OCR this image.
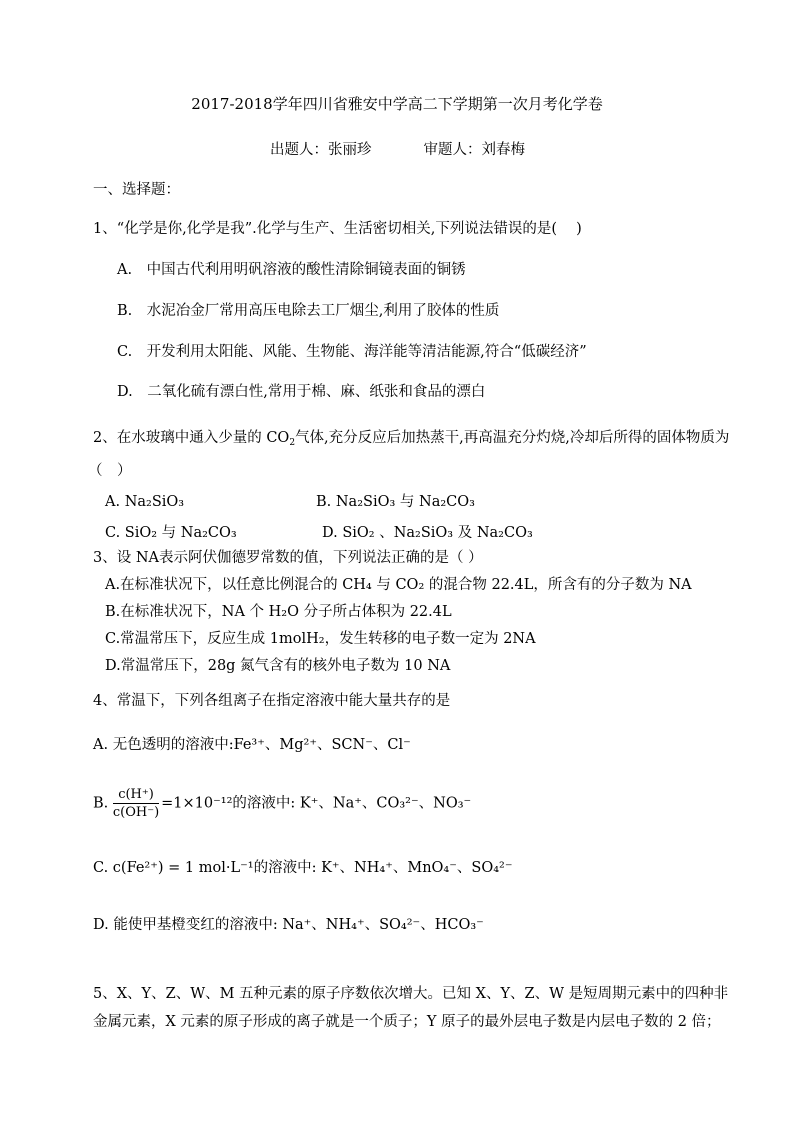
2017-2018学年四川省雅安中学高二下学期第一次月考化学卷
出题人：张丽珍	审题人：刘春梅
一、选择题：
1、“化学是你,化学是我”.化学与生产、生活密切相关,下列说法错误的是(　 )
A.　中国古代利用明矾溶液的酸性清除铜镜表面的铜锈
B.　水泥冶金厂常用高压电除去工厂烟尘,利用了胶体的性质
C.　开发利用太阳能、风能、生物能、海洋能等清洁能源,符合“低碳经济”
D.　二氧化硫有漂白性,常用于棉、麻、纸张和食品的漂白
2、在水玻璃中通入少量的 $CO_2$气体,充分反应后加热蒸干,再高温充分灼烧,冷却后所得的固体物质为
（　）
A. Na₂SiO₃	B. Na₂SiO₃ 与 Na₂CO₃
C. SiO₂ 与 Na₂CO₃	D. SiO₂ 、Na₂SiO₃ 及 Na₂CO₃
3、设 NA表示阿伏伽德罗常数的值，下列说法正确的是（ ）
A.在标准状况下，以任意比例混合的 CH₄ 与 CO₂ 的混合物 22.4L，所含有的分子数为 NA
B.在标准状况下，NA 个 H₂O 分子所占体积为 22.4L
C.常温常压下，反应生成 1molH₂，发生转移的电子数一定为 2NA
D.常温常压下，28g 氮气含有的核外电子数为 10 NA
4、常温下，下列各组离子在指定溶液中能大量共存的是
A. 无色透明的溶液中:Fe³⁺、Mg²⁺、SCN⁻、Cl⁻
B. $\frac{c(H^+)}{c(OH^-)} =1\times 10^{-12}$的溶液中: K⁺、Na⁺、CO₃²⁻、NO₃⁻
C. c(Fe²⁺) = 1 mol·L⁻¹的溶液中: K⁺、NH₄⁺、MnO₄⁻、SO₄²⁻
D. 能使甲基橙变红的溶液中: Na⁺、NH₄⁺、SO₄²⁻、HCO₃⁻
5、X、Y、Z、W、M 五种元素的原子序数依次增大。已知 X、Y、Z、W 是短周期元素中的四种非
金属元素，X 元素的原子形成的离子就是一个质子；Y 原子的最外层电子数是内层电子数的 2 倍；
